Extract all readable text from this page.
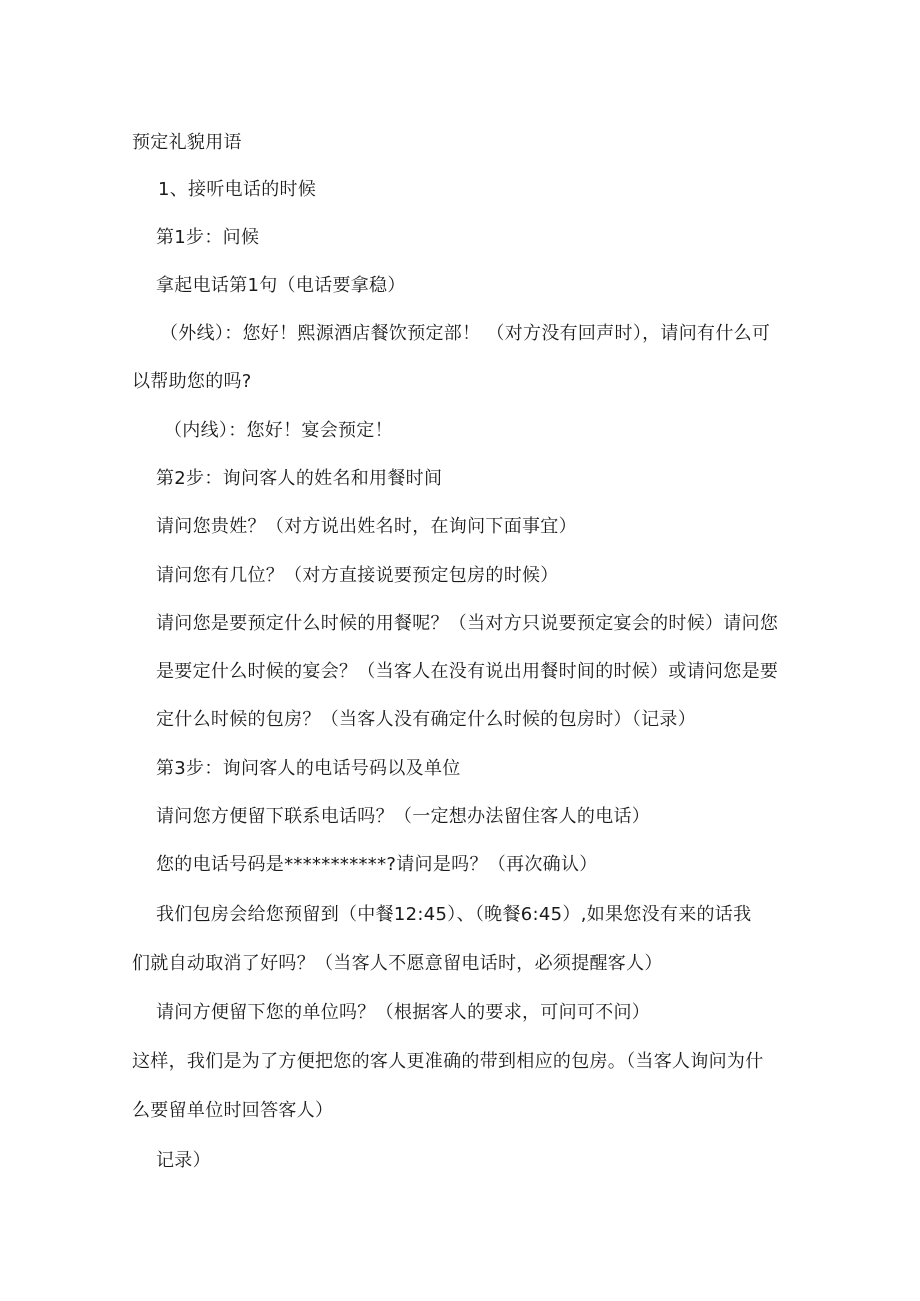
预定礼貌用语
1、接听电话的时候
第1步：问候
拿起电话第1句（电话要拿稳）
（外线）：您好！熙源酒店餐饮预定部！ （对方没有回声时），请问有什么可
以帮助您的吗?
（内线）：您好！宴会预定！
第2步：询问客人的姓名和用餐时间
请问您贵姓？（对方说出姓名时，在询问下面事宜）
请问您有几位？（对方直接说要预定包房的时候）
请问您是要预定什么时候的用餐呢？（当对方只说要预定宴会的时候）请问您
是要定什么时候的宴会？（当客人在没有说出用餐时间的时候）或请问您是要
定什么时候的包房？（当客人没有确定什么时候的包房时）（记录）
第3步：询问客人的电话号码以及单位
请问您方便留下联系电话吗？（一定想办法留住客人的电话）
您的电话号码是***********?请问是吗？（再次确认）
我们包房会给您预留到（中餐12:45）、（晚餐6:45）,如果您没有来的话我
们就自动取消了好吗？（当客人不愿意留电话时，必须提醒客人）
请问方便留下您的单位吗？（根据客人的要求，可问可不问）
这样，我们是为了方便把您的客人更准确的带到相应的包房。（当客人询问为什
么要留单位时回答客人）
记录）
